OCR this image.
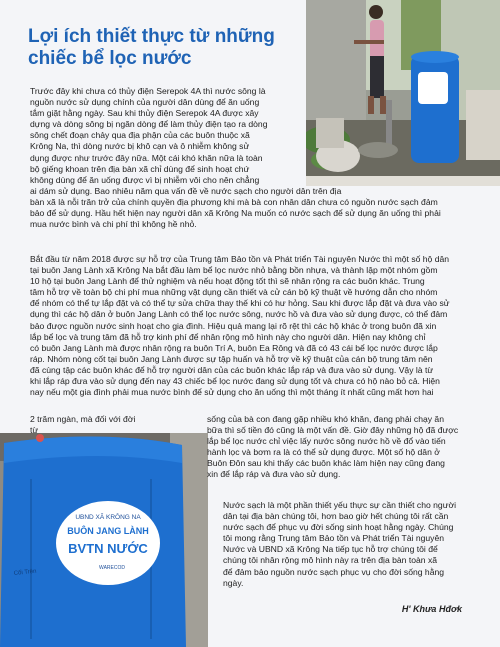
Lợi ích thiết thực từ những chiếc bể lọc nước
Trước đây khi chưa có thủy điện Serepok 4A thì nước sông là
nguồn nước sử dụng chính của người dân dùng để ăn uống
tắm giặt hằng ngày. Sau khi thủy điện Serepok 4A được xây
dựng và dòng sông bị ngăn dòng để làm thủy điện tạo ra dòng
sông chết đoạn chảy qua địa phận của các buôn thuộc xã
Krông Na, thì dòng nước bị khô cạn và ô nhiễm không sử
dụng được như trước đây nữa. Một cái khó khăn nữa là toàn
bộ giếng khoan trên địa bàn xã chỉ dùng để sinh hoạt chứ
không dùng để ăn uống được vì bị nhiễm vôi cho nên chẳng
ai dám sử dụng. Bao nhiêu năm qua vấn đề về nước sạch cho người dân trên địa
bàn xã là nỗi trăn trở của chính quyền địa phương khi mà bà con nhân dân chưa có nguồn nước sạch đảm
bảo để sử dụng. Hầu hết hiện nay người dân xã Krông Na muốn có nước sạch để sử dụng ăn uống thì phải
mua nước bình và chi phí thì không hề nhỏ.
Bắt đầu từ năm 2018 được sự hỗ trợ của Trung tâm Bảo tồn và Phát triển Tài nguyên Nước thì một số hộ dân
tại buôn Jang Lành xã Krông Na bắt đầu làm bể lọc nước nhỏ bằng bồn nhựa, và thành lập một nhóm gồm
10 hộ tại buôn Jang Lành để thử nghiệm và nếu hoạt động tốt thì sẽ nhân rộng ra các buôn khác. Trung
tâm hỗ trợ về toàn bộ chi phí mua những vật dụng cần thiết và cử cán bộ kỹ thuật về hướng dẫn cho nhóm
để nhóm có thể tự lắp đặt và có thể tự sửa chữa thay thế khi có hư hỏng. Sau khi được lắp đặt và đưa vào sử
dụng thì các hộ dân ở buôn Jang Lành có thể lọc nước sông, nước hồ và đưa vào sử dụng được, có thể đảm
bảo được nguồn nước sinh hoạt cho gia đình. Hiệu quả mang lại rõ rệt thì các hộ khác ở trong buôn đã xin
lắp bể lọc và trung tâm đã hỗ trợ kinh phí để nhân rộng mô hình này cho người dân. Hiện nay không chỉ
có buôn Jang Lành mà được nhân rộng ra buôn Trí A, buôn Ea Rông và đã có 43 cái bể lọc nước được lắp
ráp. Nhóm nòng cốt tại buôn Jang Lành được sự tập huấn và hỗ trợ về kỹ thuật của cán bộ trung tâm nên
đã cùng tập các buôn khác để hỗ trợ người dân của các buôn khác lắp ráp và đưa vào sử dụng. Vậy là từ
khi lắp ráp đưa vào sử dụng đến nay 43 chiếc bể lọc nước đang sử dụng tốt và chưa có hộ nào bỏ cả. Hiện
nay nếu một gia đình phải mua nước bình để sử dụng cho ăn uống thì một tháng ít nhất cũng mất hơn hai
UBND XÃ KRÔNG NA
BUÔN JANG LÀNH
BVTN NƯỚC
WARECOD
Cối Trên
2 trăm ngàn, mà đối với đời
từ
sống của bà con đang gặp nhiều khó khăn, đang phải chạy ăn
bữa thì số tiền đó cũng là một vấn đề. Giờ đây những hộ đã được
lắp bể lọc nước chỉ việc lấy nước sông nước hồ về đổ vào tiến
hành lọc và bơm ra là có thể sử dụng được. Một số hộ dân ở
Buôn Đôn sau khi thấy các buôn khác làm hiện nay cũng đang
xin để lắp ráp và đưa vào sử dụng.
Nước sạch là một phần thiết yếu thực sự cần thiết cho người
dân tại địa bàn chúng tôi, hơn bao giờ hết chúng tôi rất cần
nước sạch để phục vụ đời sống sinh hoạt hằng ngày. Chúng
tôi mong rằng Trung tâm Bảo tồn và Phát triển Tài nguyên
Nước và UBND xã Krông Na tiếp tục hỗ trợ chúng tôi để
chúng tôi nhân rộng mô hình này ra trên địa bàn toàn xã
để đảm bảo nguồn nước sạch phục vụ cho đời sống hằng
ngày.
H' Khưa Hđơk
